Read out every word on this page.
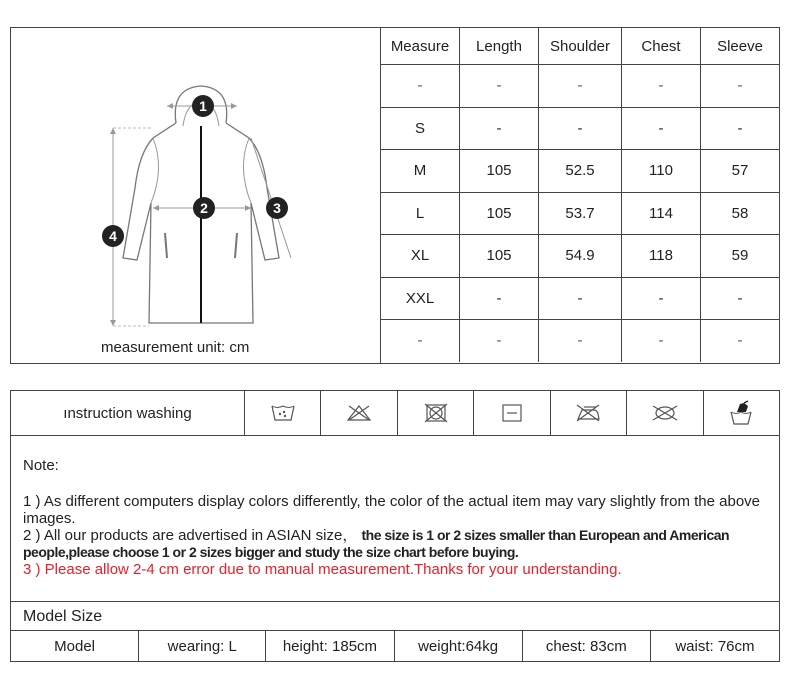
1
2	3
4
measurement unit: cm
Measure	Length	Shoulder	Chest	Sleeve
-	-	-	-	-
S	-	-	-	-
M	105	52.5	110	57
L	105	53.7	114	58
XL	105	54.9	118	59
XXL	-	-	-	-
-	-	-	-	-
ınstruction washing

Note:

1 ) As different computers display colors differently, the color of the actual item may vary slightly from the above images.

2 ) All our products are advertised in ASIAN size， the size is 1 or 2 sizes smaller than European and American people,please choose 1 or 2 sizes bigger and study the size chart before buying.

3 ) Please allow 2-4 cm error due to manual measurement.Thanks for your understanding.

Model Size
Model	wearing: L	height: 185cm	weight:64kg	chest: 83cm	waist: 76cm
